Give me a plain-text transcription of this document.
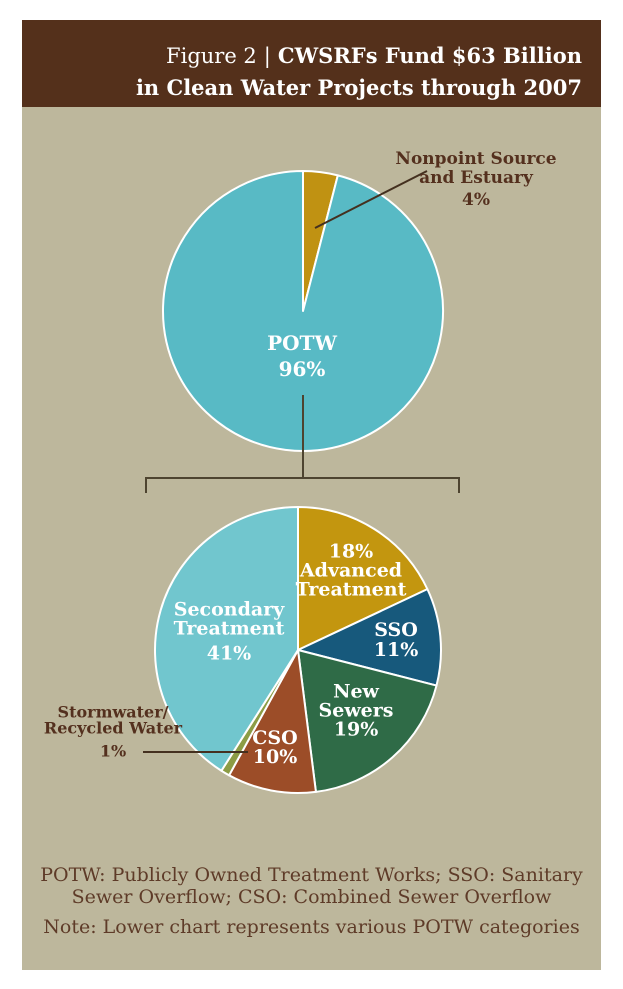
Figure 2 | CWSRFs Fund $63 Billion
in Clean Water Projects through 2007
POTW
96%
Nonpoint Source
and Estuary
4%
18%
Advanced
Treatment
SSO
11%
New
Sewers
19%
CSO
10%
Secondary
Treatment
41%
Stormwater/
Recycled Water
1%
POTW: Publicly Owned Treatment Works; SSO: Sanitary
Sewer Overflow; CSO: Combined Sewer Overflow
Note: Lower chart represents various POTW categories
